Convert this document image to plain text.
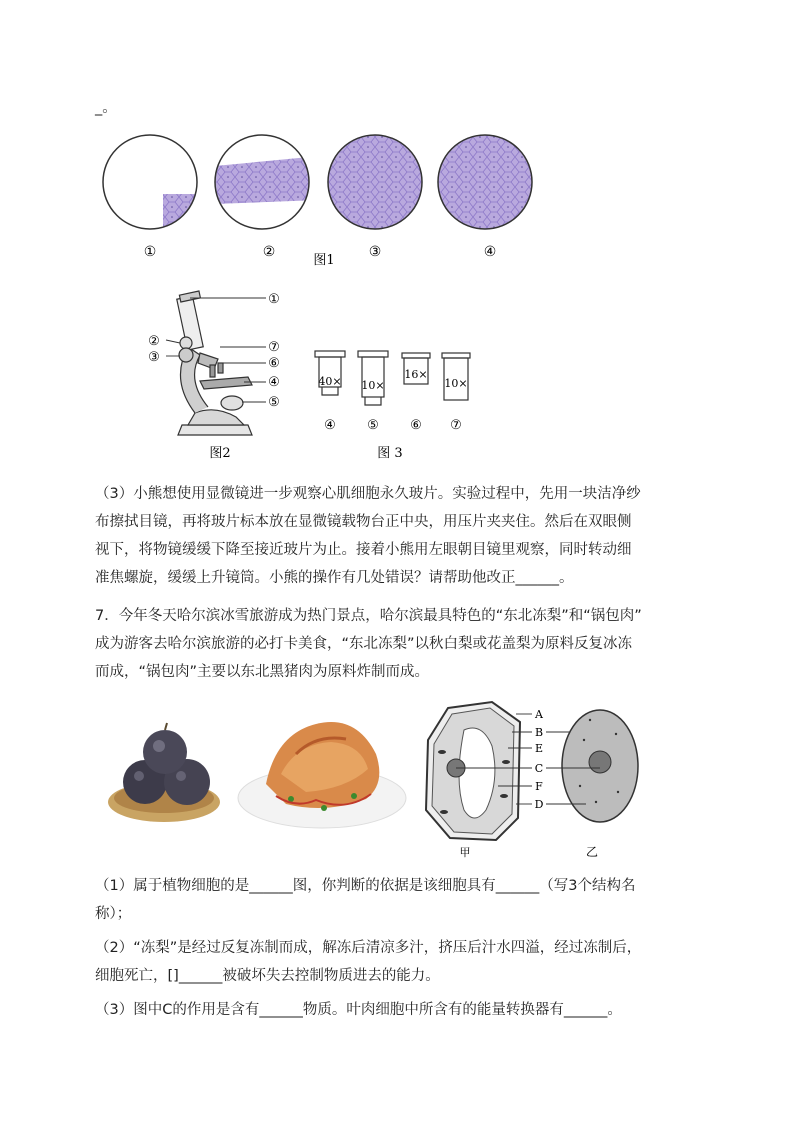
_。
①	②	③	④
图1
①
②
③
⑦
⑥
④
⑤
图2
40× 10×
16×
10×
④ ⑤ ⑥ ⑦
图 3
（3）小熊想使用显微镜进一步观察心肌细胞永久玻片。实验过程中，先用一块洁净纱
布擦拭目镜，再将玻片标本放在显微镜载物台正中央，用压片夹夹住。然后在双眼侧
视下，将物镜缓缓下降至接近玻片为止。接着小熊用左眼朝目镜里观察，同时转动细
准焦螺旋，缓缓上升镜筒。小熊的操作有几处错误？请帮助他改正______。
7．今年冬天哈尔滨冰雪旅游成为热门景点，哈尔滨最具特色的“东北冻梨”和“锅包肉”
成为游客去哈尔滨旅游的必打卡美食，“东北冻梨”以秋白梨或花盖梨为原料反复冰冻
而成，“锅包肉”主要以东北黑猪肉为原料炸制而成。
A
B
E
C
F
D
甲	乙
（1）属于植物细胞的是______图，你判断的依据是该细胞具有______（写3个结构名
称）；
（2）“冻梨”是经过反复冻制而成，解冻后清凉多汁，挤压后汁水四溢，经过冻制后，
细胞死亡，[]______被破坏失去控制物质进去的能力。
（3）图中C的作用是含有______物质。叶肉细胞中所含有的能量转换器有______。
